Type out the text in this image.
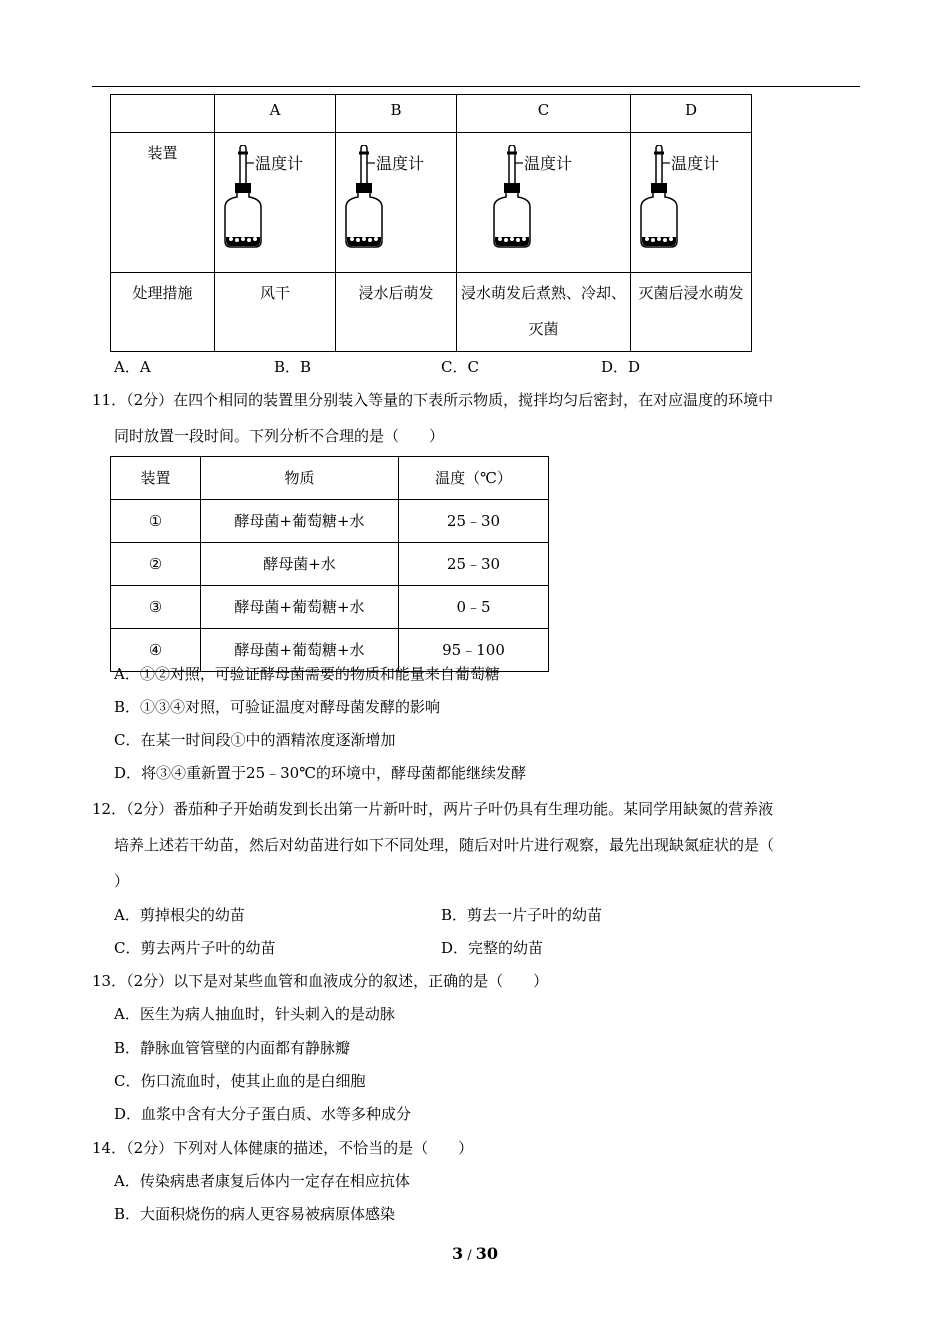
	A	B	C	D
装置	温度计	温度计	温度计	温度计

处理措施	风干	浸水后萌发	浸水萌发后煮熟、冷却、灭菌	灭菌后浸水萌发
A．A	B．B	C．C	D．D
11．（2分）在四个相同的装置里分别装入等量的下表所示物质，搅拌均匀后密封，在对应温度的环境中
同时放置一段时间。下列分析不合理的是（　　）
装置	物质	温度（℃）
①	酵母菌+葡萄糖+水	25﹣30
②	酵母菌+水	25﹣30
③	酵母菌+葡萄糖+水	0﹣5
④	酵母菌+葡萄糖+水	95﹣100
A．①②对照，可验证酵母菌需要的物质和能量来自葡萄糖
B．①③④对照，可验证温度对酵母菌发酵的影响
C．在某一时间段①中的酒精浓度逐渐增加
D．将③④重新置于25﹣30℃的环境中，酵母菌都能继续发酵
12．（2分）番茄种子开始萌发到长出第一片新叶时，两片子叶仍具有生理功能。某同学用缺氮的营养液
培养上述若干幼苗，然后对幼苗进行如下不同处理，随后对叶片进行观察，最先出现缺氮症状的是（
）
A．剪掉根尖的幼苗	B．剪去一片子叶的幼苗
C．剪去两片子叶的幼苗	D．完整的幼苗
13．（2分）以下是对某些血管和血液成分的叙述，正确的是（　　）
A．医生为病人抽血时，针头刺入的是动脉
B．静脉血管管壁的内面都有静脉瓣
C．伤口流血时，使其止血的是白细胞
D．血浆中含有大分子蛋白质、水等多种成分
14．（2分）下列对人体健康的描述，不恰当的是（　　）
A．传染病患者康复后体内一定存在相应抗体
B．大面积烧伤的病人更容易被病原体感染
3 / 30
